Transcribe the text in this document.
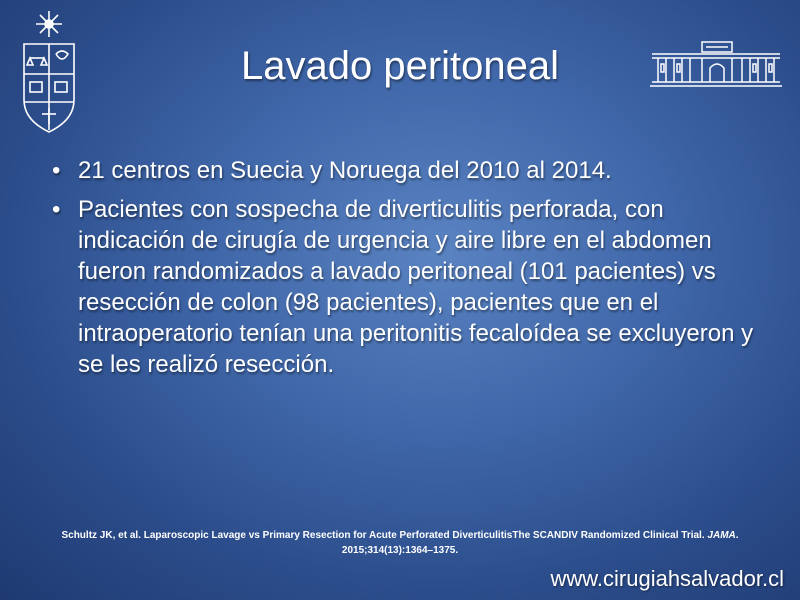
Lavado peritoneal
• 21 centros en Suecia y Noruega del 2010 al 2014.
• Pacientes con sospecha de diverticulitis perforada, con indicación de cirugía de urgencia y aire libre en el abdomen fueron randomizados a lavado peritoneal (101 pacientes) vs resección de colon (98 pacientes), pacientes que en el intraoperatorio tenían una peritonitis fecaloídea se excluyeron y se les realizó resección.
Schultz JK, et al. Laparoscopic Lavage vs Primary Resection for Acute Perforated DiverticulitisThe SCANDIV Randomized Clinical Trial. JAMA. 2015;314(13):1364–1375.
www.cirugiahsalvador.cl
